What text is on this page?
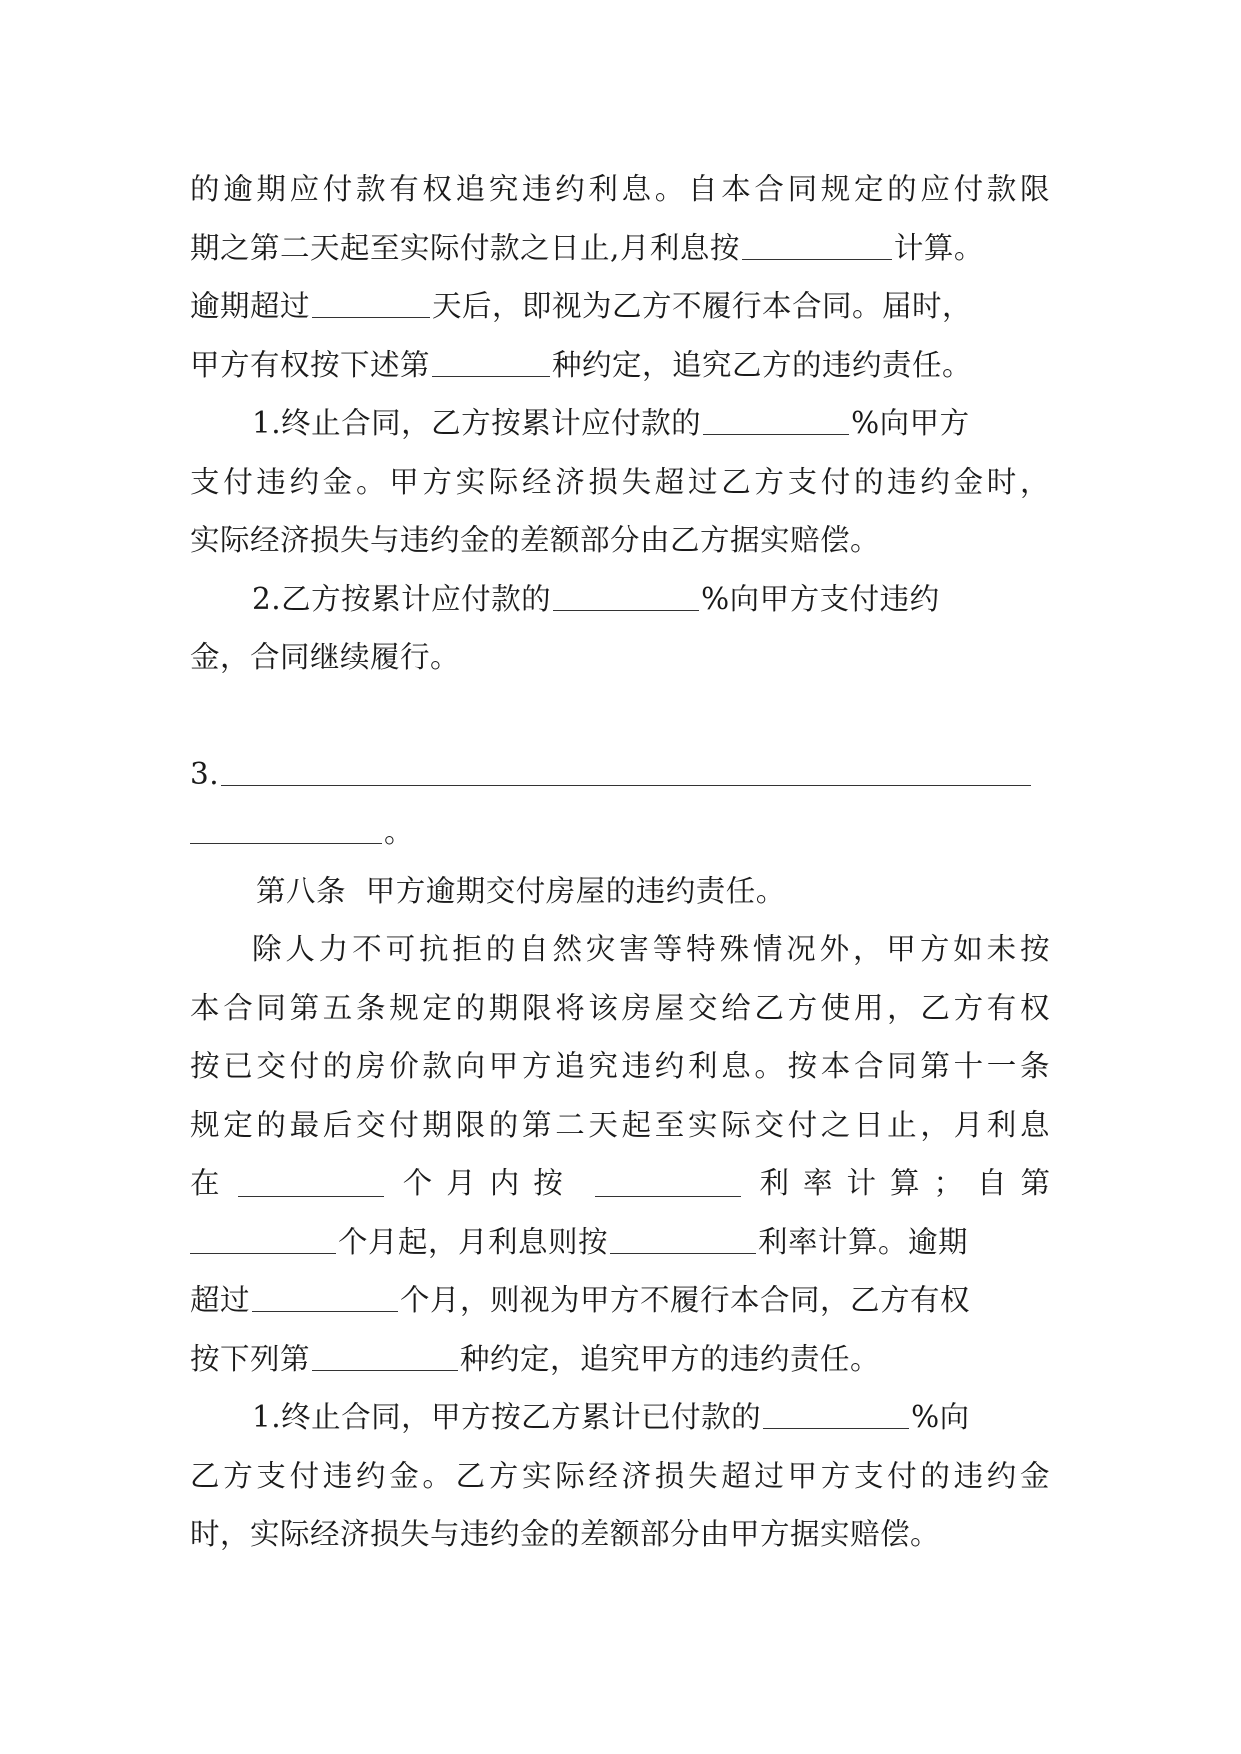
的逾期应付款有权追究违约利息。自本合同规定的应付款限
期之第二天起至实际付款之日止,月利息按	计算。
逾期超过	天后，即视为乙方不履行本合同。届时，
甲方有权按下述第	种约定，追究乙方的违约责任。
1.终止合同，乙方按累计应付款的	%向甲方
支付违约金。甲方实际经济损失超过乙方支付的违约金时，
实际经济损失与违约金的差额部分由乙方据实赔偿。
2.乙方按累计应付款的	%向甲方支付违约
金，合同继续履行。
3.
。
第八条  甲方逾期交付房屋的违约责任。
除人力不可抗拒的自然灾害等特殊情况外，甲方如未按
本合同第五条规定的期限将该房屋交给乙方使用，乙方有权
按已交付的房价款向甲方追究违约利息。按本合同第十一条
规定的最后交付期限的第二天起至实际交付之日止，月利息
在	个月内按	利率计算；自第
个月起，月利息则按	利率计算。逾期
超过	个月，则视为甲方不履行本合同，乙方有权
按下列第	种约定，追究甲方的违约责任。
1.终止合同，甲方按乙方累计已付款的	%向
乙方支付违约金。乙方实际经济损失超过甲方支付的违约金
时，实际经济损失与违约金的差额部分由甲方据实赔偿。
